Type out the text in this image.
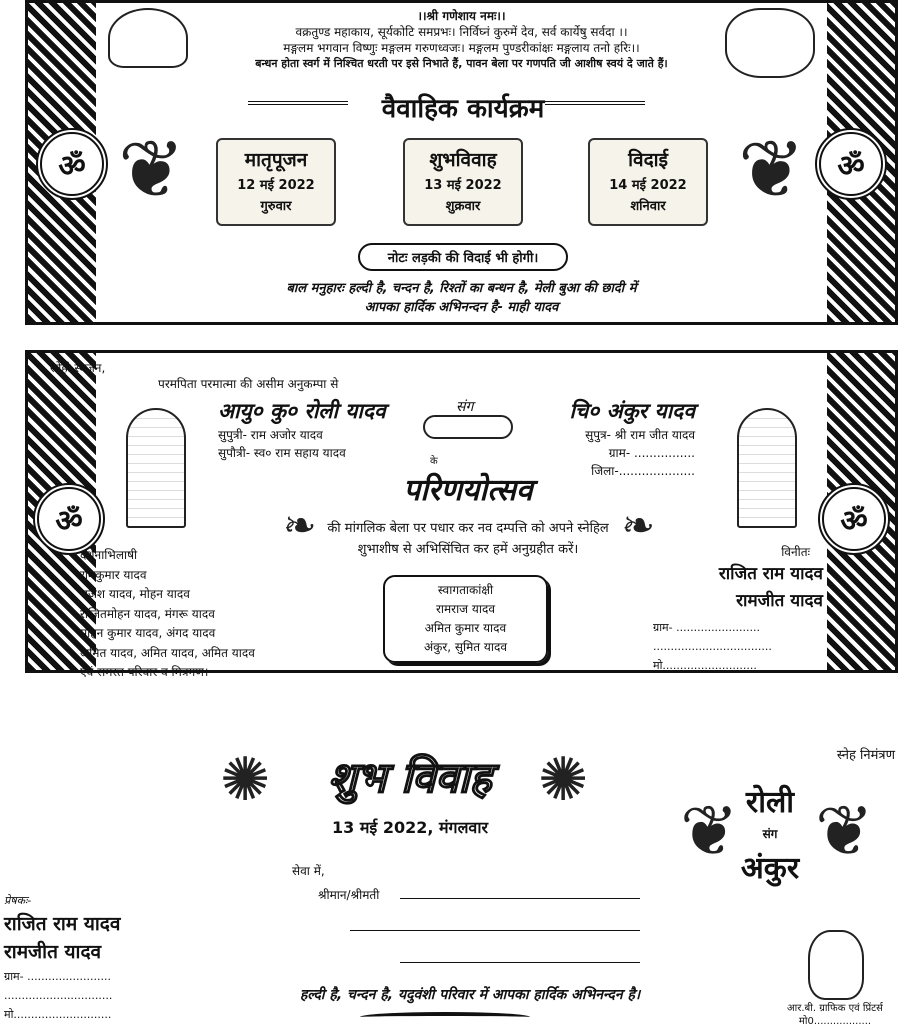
ॐ	ॐ
❦	❦
।।श्री गणेशाय नमः।।
वक्रतुण्ड महाकाय, सूर्यकोटि समप्रभः। निर्विघ्नं कुरुमें देव, सर्व कार्येषु सर्वदा ।।
मङ्गलम भगवान विष्णुः मङ्गलम गरुणध्वजः। मङ्गलम पुण्डरीकांक्षः मङ्गलाय तनो हरिः।।
बन्धन होता स्वर्ग में निश्चित धरती पर इसे निभाते हैं, पावन बेला पर गणपति जी आशीष स्वयं दे जाते हैं।
वैवाहिक कार्यक्रम
मातृपूजन
12 मई 2022
गुरुवार
शुभविवाह
13 मई 2022
शुक्रवार
विदाई
14 मई 2022
शनिवार
नोटः लड़की की विदाई भी होगी।
बाल मनुहारः हल्दी है, चन्दन है, रिश्तों का बन्धन है, मेली बुआ की छादी में
आपका हार्दिक अभिनन्दन है- माही यादव
ॐ	ॐ
स्नेही स्वजन,
परमपिता परमात्मा की असीम अनुकम्पा से
आयु० कु० रोली यादव
सुपुत्री- राम अजोर यादव
सुपौत्री- स्व० राम सहाय यादव
संग	चि० अंकुर यादव
सुपुत्र- श्री राम जीत यादव
ग्राम- ................
जिला-....................
के
परिणयोत्सव
❧	❧
की मांगलिक बेला पर पधार कर नव दम्पत्ति को अपने स्नेहिल
शुभाशीष से अभिसिंचित कर हमें अनुग्रहीत करें।
दर्शनाभिलाषी
रामकुमार यादव
राजेश यादव, मोहन यादव
राजितमोहन यादव, मंगरू यादव
मोहन कुमार यादव, अंगद यादव
अमित यादव, अमित यादव, अमित यादव
एवं समस्त परिवार व मित्रगण।
स्वागताकांक्षी
रामराज यादव
अमित कुमार यादव
अंकुर, सुमित यादव
विनीतः
राजित राम यादव
रामजीत यादव
ग्राम- ........................
..................................
मो...........................
✺	✺
शुभ विवाह
13 मई 2022, मंगलवार
सेवा में,
श्रीमान/श्रीमती
हल्दी है, चन्दन है, यदुवंशी परिवार में आपका हार्दिक अभिनन्दन है।
प्रेषकः-
राजित राम यादव
रामजीत यादव
ग्राम- ........................
...............................
मो............................
स्नेह निमंत्रण
❦ ❦
रोली
संग
अंकुर
आर.बी. ग्राफिक एवं प्रिंटर्स
मो0..................
